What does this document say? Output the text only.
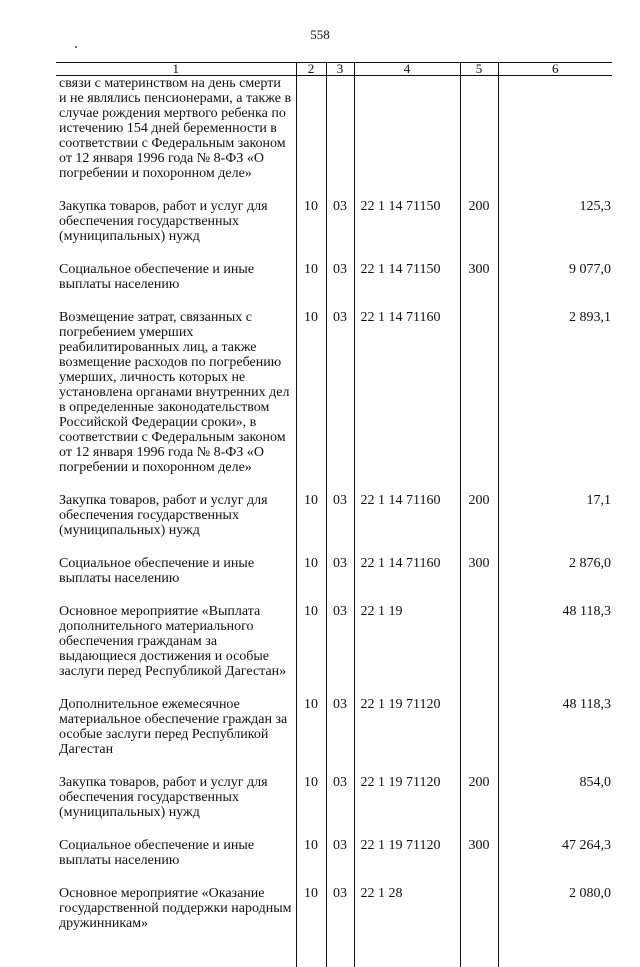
558
1	2	3	4	5	6
связи с материнством на день смерти и не являлись пенсионерами, а также в случае рождения мертвого ребенка по истечению 154 дней беременности в соответствии с Федеральным законом от 12 января 1996 года № 8-ФЗ «О погребении и похоронном деле»					
Закупка товаров, работ и услуг для обеспечения государственных (муниципальных) нужд	10	03	22 1 14 71150	200	125,3
Социальное обеспечение и иные выплаты населению	10	03	22 1 14 71150	300	9 077,0
Возмещение затрат, связанных с погребением умерших реабилитированных лиц, а также возмещение расходов по погребению умерших, личность которых не установлена органами внутренних дел в определенные законодательством Российской Федерации сроки», в соответствии с Федеральным законом от 12 января 1996 года № 8-ФЗ «О погребении и похоронном деле»	10	03	22 1 14 71160		2 893,1
Закупка товаров, работ и услуг для обеспечения государственных (муниципальных) нужд	10	03	22 1 14 71160	200	17,1
Социальное обеспечение и иные выплаты населению	10	03	22 1 14 71160	300	2 876,0
Основное мероприятие «Выплата дополнительного материального обеспечения гражданам за выдающиеся достижения и особые заслуги перед Республикой Дагестан»	10	03	22 1 19		48 118,3
Дополнительное ежемесячное материальное обеспечение граждан за особые заслуги перед Республикой Дагестан	10	03	22 1 19 71120		48 118,3
Закупка товаров, работ и услуг для обеспечения государственных (муниципальных) нужд	10	03	22 1 19 71120	200	854,0
Социальное обеспечение и иные выплаты населению	10	03	22 1 19 71120	300	47 264,3
Основное мероприятие «Оказание государственной поддержки народным дружинникам»	10	03	22 1 28		2 080,0
